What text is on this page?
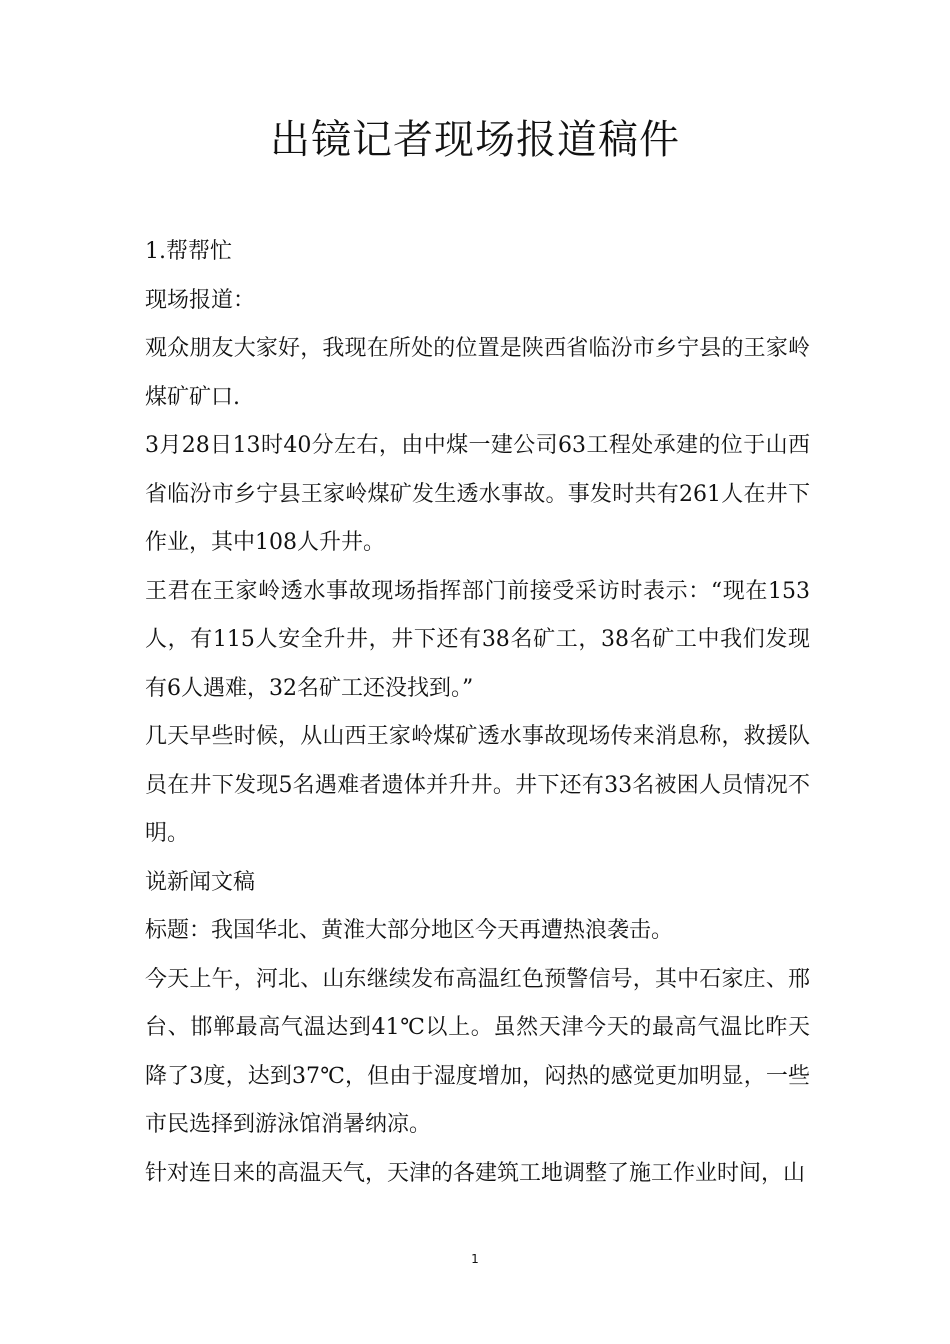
出镜记者现场报道稿件

1.帮帮忙

现场报道：

观众朋友大家好，我现在所处的位置是陕西省临汾市乡宁县的王家岭煤矿矿口.

3月28日13时40分左右，由中煤一建公司63工程处承建的位于山西省临汾市乡宁县王家岭煤矿发生透水事故。事发时共有261人在井下作业，其中108人升井。

王君在王家岭透水事故现场指挥部门前接受采访时表示：“现在153人，有115人安全升井，井下还有38名矿工，38名矿工中我们发现有6人遇难，32名矿工还没找到。”

几天早些时候，从山西王家岭煤矿透水事故现场传来消息称，救援队员在井下发现5名遇难者遗体并升井。井下还有33名被困人员情况不明。

说新闻文稿

标题：我国华北、黄淮大部分地区今天再遭热浪袭击。

今天上午，河北、山东继续发布高温红色预警信号，其中石家庄、邢台、邯郸最高气温达到41℃以上。虽然天津今天的最高气温比昨天降了3度，达到37℃，但由于湿度增加，闷热的感觉更加明显，一些市民选择到游泳馆消暑纳凉。

针对连日来的高温天气，天津的各建筑工地调整了施工作业时间，山

1
